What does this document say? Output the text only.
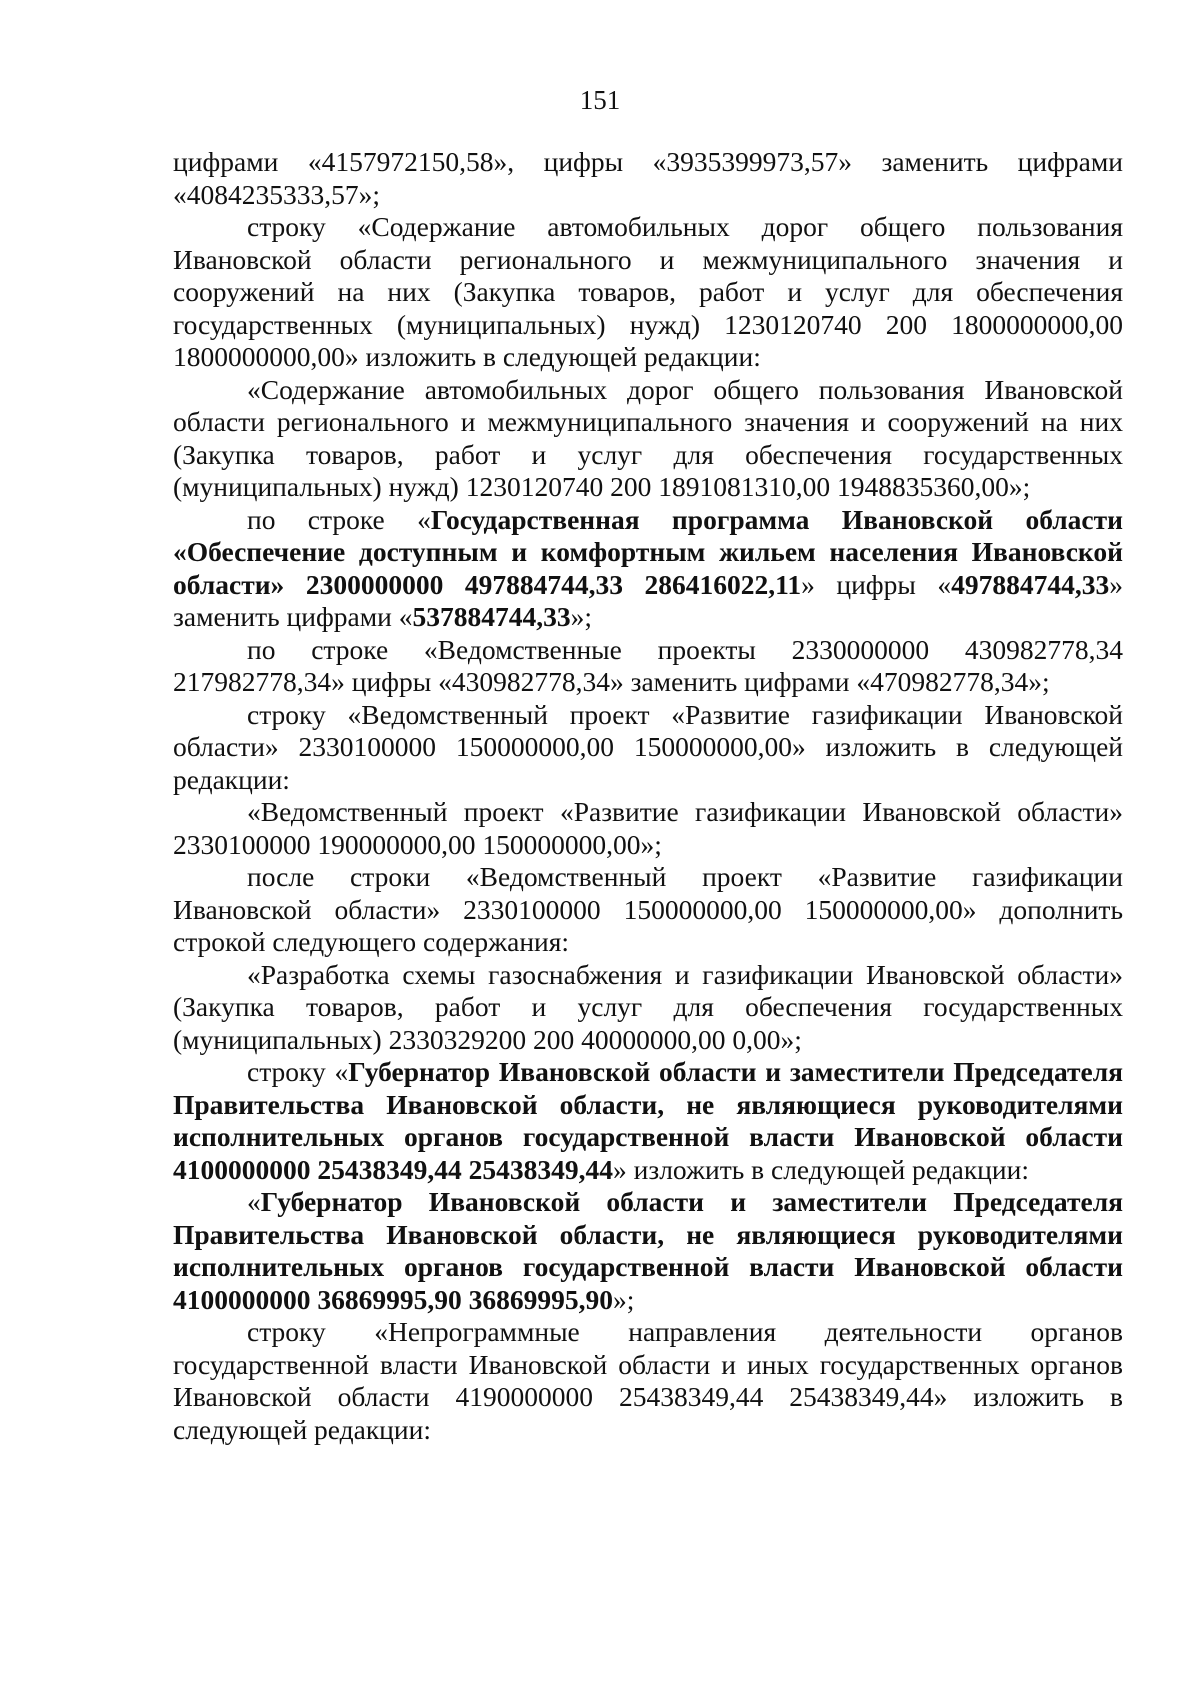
151

цифрами «4157972150,58», цифры «3935399973,57» заменить цифрами «4084235333,57»;

строку «Содержание автомобильных дорог общего пользования Ивановской области регионального и межмуниципального значения и сооружений на них (Закупка товаров, работ и услуг для обеспечения государственных (муниципальных) нужд) 1230120740 200 1800000000,00 1800000000,00» изложить в следующей редакции:

«Содержание автомобильных дорог общего пользования Ивановской области регионального и межмуниципального значения и сооружений на них (Закупка товаров, работ и услуг для обеспечения государственных (муниципальных) нужд) 1230120740 200 1891081310,00 1948835360,00»;

по строке «Государственная программа Ивановской области «Обеспечение доступным и комфортным жильем населения Ивановской области» 2300000000 497884744,33 286416022,11» цифры «497884744,33» заменить цифрами «537884744,33»;

по строке «Ведомственные проекты 2330000000 430982778,34 217982778,34» цифры «430982778,34» заменить цифрами «470982778,34»;

строку «Ведомственный проект «Развитие газификации Ивановской области» 2330100000 150000000,00 150000000,00» изложить в следующей редакции:

«Ведомственный проект «Развитие газификации Ивановской области» 2330100000 190000000,00 150000000,00»;

после строки «Ведомственный проект «Развитие газификации Ивановской области» 2330100000 150000000,00 150000000,00» дополнить строкой следующего содержания:

«Разработка схемы газоснабжения и газификации Ивановской области» (Закупка товаров, работ и услуг для обеспечения государственных (муниципальных) 2330329200 200 40000000,00 0,00»;

строку «Губернатор Ивановской области и заместители Председателя Правительства Ивановской области, не являющиеся руководителями исполнительных органов государственной власти Ивановской области 4100000000 25438349,44 25438349,44» изложить в следующей редакции:

«Губернатор Ивановской области и заместители Председателя Правительства Ивановской области, не являющиеся руководителями исполнительных органов государственной власти Ивановской области 4100000000 36869995,90 36869995,90»;

строку «Непрограммные направления деятельности органов государственной власти Ивановской области и иных государственных органов Ивановской области 4190000000 25438349,44 25438349,44» изложить в следующей редакции:
